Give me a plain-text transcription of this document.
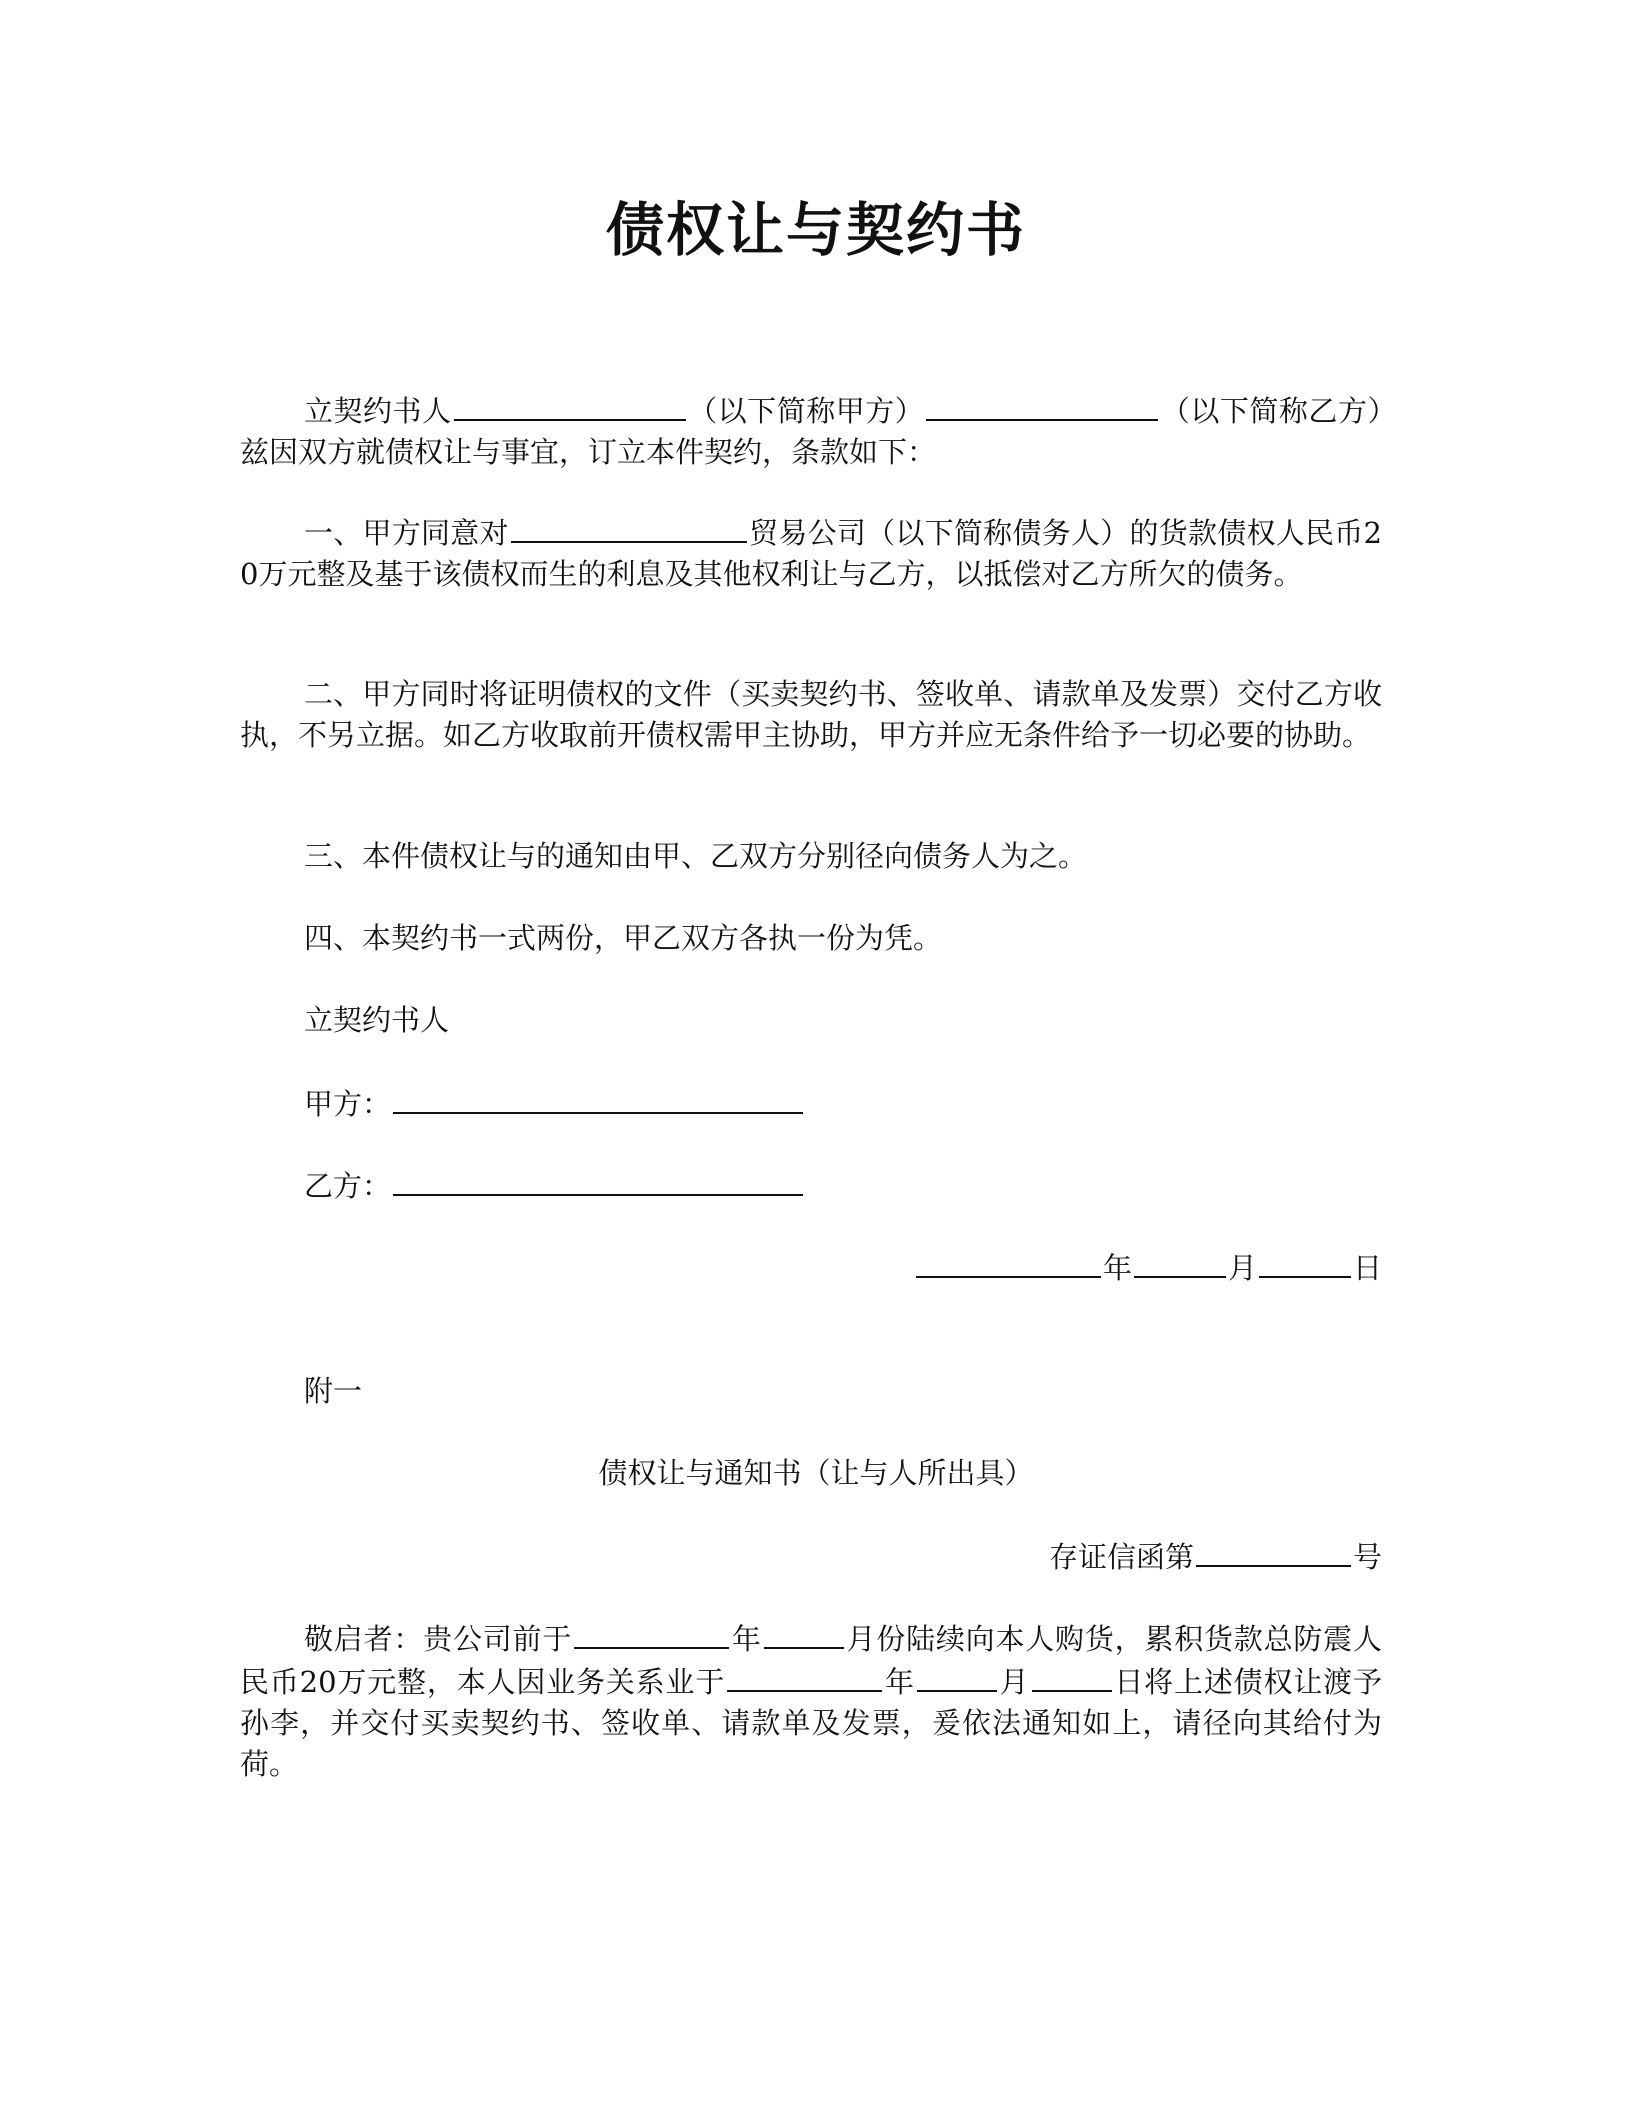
债权让与契约书

立契约书人	（以下简称甲方）	（以下简称乙方）兹因双方就债权让与事宜，订立本件契约，条款如下：

一、甲方同意对	贸易公司（以下简称债务人）的货款债权人民币20万元整及基于该债权而生的利息及其他权利让与乙方，以抵偿对乙方所欠的债务。

二、甲方同时将证明债权的文件（买卖契约书、签收单、请款单及发票）交付乙方收执，不另立据。如乙方收取前开债权需甲主协助，甲方并应无条件给予一切必要的协助。

三、本件债权让与的通知由甲、乙双方分别径向债务人为之。

四、本契约书一式两份，甲乙双方各执一份为凭。

立契约书人

甲方：

乙方：

年	月	日

附一

债权让与通知书（让与人所出具）

存证信函第	号

敬启者：贵公司前于	年	月份陆续向本人购货，累积货款总防震人民币20万元整，本人因业务关系业于	年	月	日将上述债权让渡予孙李，并交付买卖契约书、签收单、请款单及发票，爰依法通知如上，请径向其给付为荷。
